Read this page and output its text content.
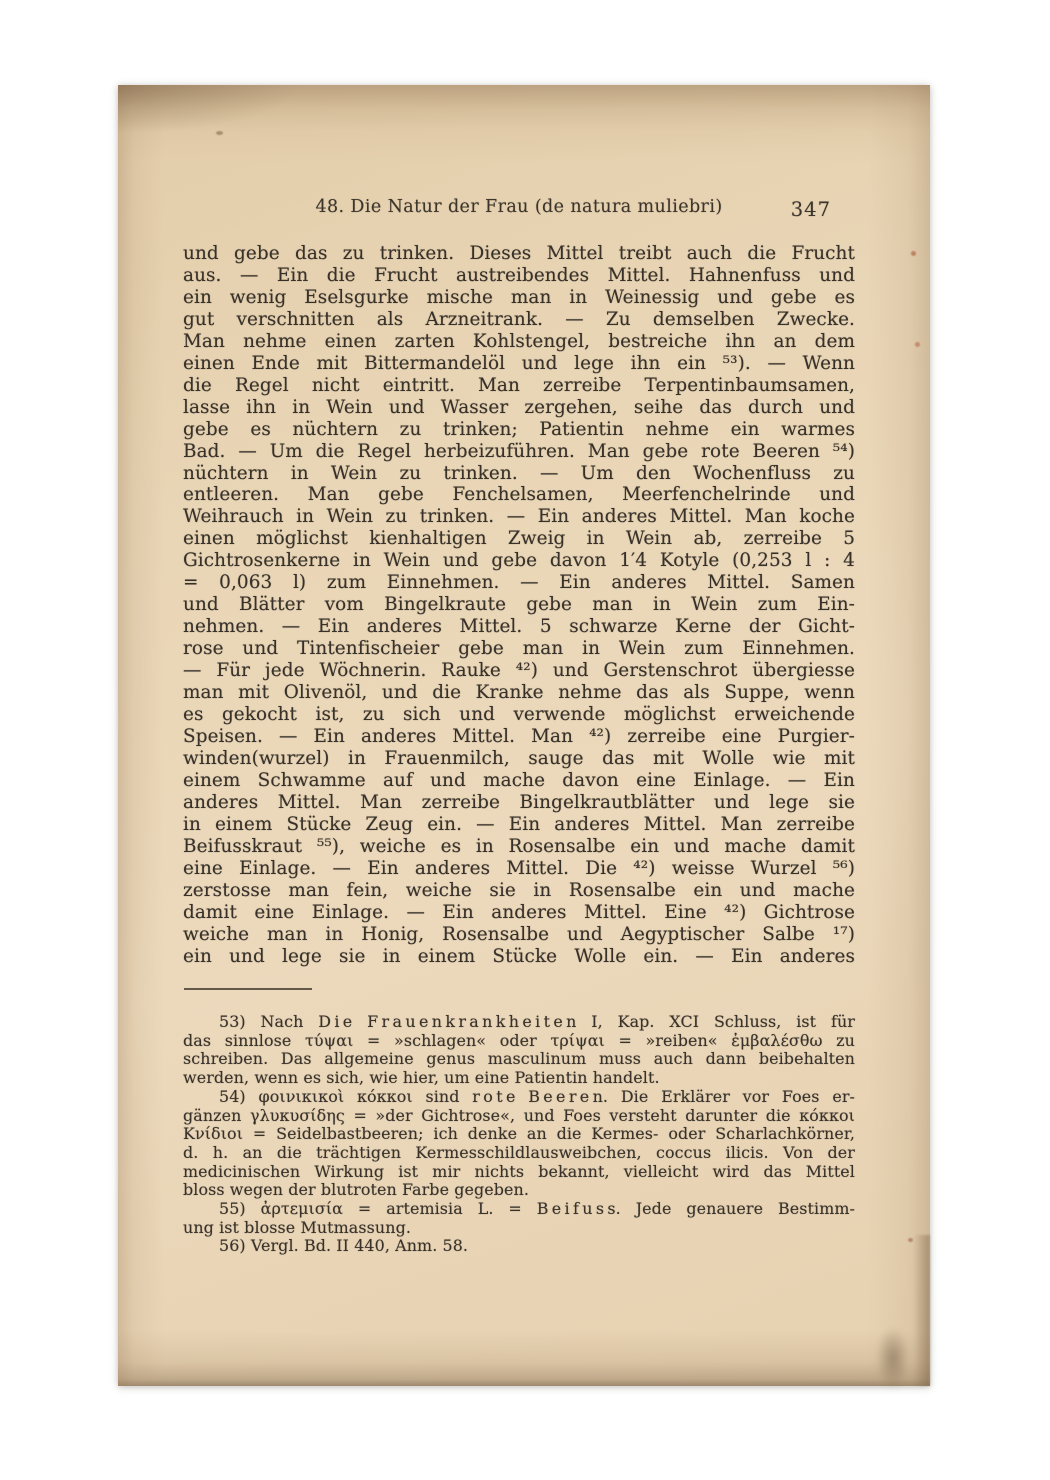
48. Die Natur der Frau (de natura muliebri)	347
und gebe das zu trinken. Dieses Mittel treibt auch die Frucht
aus. — Ein die Frucht austreibendes Mittel. Hahnenfuss und
ein wenig Eselsgurke mische man in Weinessig und gebe es
gut verschnitten als Arzneitrank. — Zu demselben Zwecke.
Man nehme einen zarten Kohlstengel, bestreiche ihn an dem
einen Ende mit Bittermandelöl und lege ihn ein ⁵³). — Wenn
die Regel nicht eintritt. Man zerreibe Terpentinbaumsamen,
lasse ihn in Wein und Wasser zergehen, seihe das durch und
gebe es nüchtern zu trinken; Patientin nehme ein warmes
Bad. — Um die Regel herbeizuführen. Man gebe rote Beeren ⁵⁴)
nüchtern in Wein zu trinken. — Um den Wochenfluss zu
entleeren. Man gebe Fenchelsamen, Meerfenchelrinde und
Weihrauch in Wein zu trinken. — Ein anderes Mittel. Man koche
einen möglichst kienhaltigen Zweig in Wein ab, zerreibe 5
Gichtrosenkerne in Wein und gebe davon 1′4 Kotyle (0,253 l : 4
= 0,063 l) zum Einnehmen. — Ein anderes Mittel. Samen
und Blätter vom Bingelkraute gebe man in Wein zum Ein-
nehmen. — Ein anderes Mittel. 5 schwarze Kerne der Gicht-
rose und Tintenfischeier gebe man in Wein zum Einnehmen.
— Für jede Wöchnerin. Rauke ⁴²) und Gerstenschrot übergiesse
man mit Olivenöl, und die Kranke nehme das als Suppe, wenn
es gekocht ist, zu sich und verwende möglichst erweichende
Speisen. — Ein anderes Mittel. Man ⁴²) zerreibe eine Purgier-
winden(wurzel) in Frauenmilch, sauge das mit Wolle wie mit
einem Schwamme auf und mache davon eine Einlage. — Ein
anderes Mittel. Man zerreibe Bingelkrautblätter und lege sie
in einem Stücke Zeug ein. — Ein anderes Mittel. Man zerreibe
Beifusskraut ⁵⁵), weiche es in Rosensalbe ein und mache damit
eine Einlage. — Ein anderes Mittel. Die ⁴²) weisse Wurzel ⁵⁶)
zerstosse man fein, weiche sie in Rosensalbe ein und mache
damit eine Einlage. — Ein anderes Mittel. Eine ⁴²) Gichtrose
weiche man in Honig, Rosensalbe und Aegyptischer Salbe ¹⁷)
ein und lege sie in einem Stücke Wolle ein. — Ein anderes
53) Nach D i e F r a u e n k r a n k h e i t e n I, Kap. XCI Schluss, ist für
das sinnlose τύψαι = »schlagen« oder τρίψαι = »reiben« ἐμβαλέσθω zu
schreiben. Das allgemeine genus masculinum muss auch dann beibehalten
werden, wenn es sich, wie hier, um eine Patientin handelt.
54) φοινικικοὶ κόκκοι sind r o t e B e e r e n. Die Erklärer vor Foes er-
gänzen γλυκυσίδης = »der Gichtrose«, und Foes versteht darunter die κόκκοι
Κνίδιοι = Seidelbastbeeren; ich denke an die Kermes- oder Scharlachkörner,
d. h. an die trächtigen Kermesschildlausweibchen, coccus ilicis. Von der
medicinischen Wirkung ist mir nichts bekannt, vielleicht wird das Mittel
bloss wegen der blutroten Farbe gegeben.
55) ἀρτεμισία = artemisia L. = B e i f u s s. Jede genauere Bestimm-
ung ist blosse Mutmassung.
56) Vergl. Bd. II 440, Anm. 58.
